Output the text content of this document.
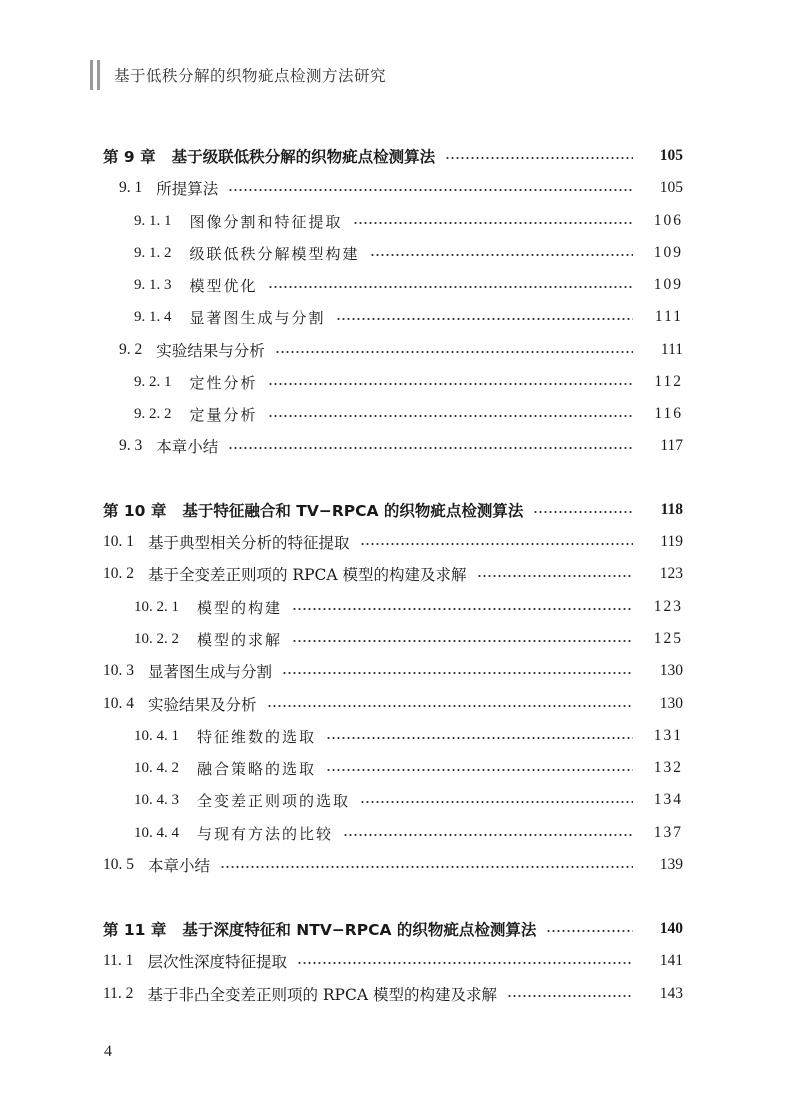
基于低秩分解的织物疵点检测方法研究
第 9 章	基于级联低秩分解的织物疵点检测算法	105
9. 1 所提算法	105
9. 1. 1	图像分割和特征提取	106
9. 1. 2	级联低秩分解模型构建	109
9. 1. 3	模型优化	109
9. 1. 4	显著图生成与分割	111
9. 2 实验结果与分析	111
9. 2. 1	定性分析	112
9. 2. 2	定量分析	116
9. 3 本章小结	117
第 10 章	基于特征融合和 TV−RPCA 的织物疵点检测算法	118
10. 1 基于典型相关分析的特征提取	119
10. 2 基于全变差正则项的 RPCA 模型的构建及求解	123
10. 2. 1	模型的构建	123
10. 2. 2	模型的求解	125
10. 3 显著图生成与分割	130
10. 4 实验结果及分析	130
10. 4. 1	特征维数的选取	131
10. 4. 2	融合策略的选取	132
10. 4. 3	全变差正则项的选取	134
10. 4. 4	与现有方法的比较	137
10. 5 本章小结	139
第 11 章	基于深度特征和 NTV−RPCA 的织物疵点检测算法	140
11. 1 层次性深度特征提取	141
11. 2 基于非凸全变差正则项的 RPCA 模型的构建及求解	143
4
